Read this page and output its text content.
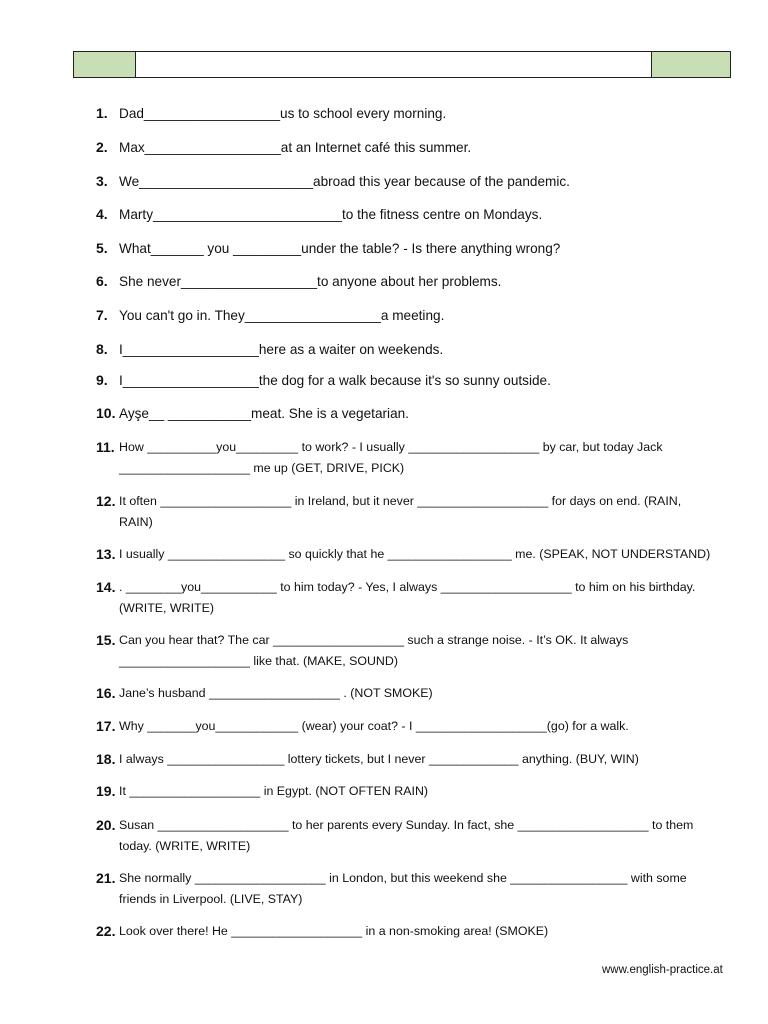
1. Dad__________________us to school every morning.
2. Max__________________at an Internet café this summer.
3. We_______________________abroad this year because of the pandemic.
4. Marty_________________________to the fitness centre on Mondays.
5. What_______ you _________under the table? - Is there anything wrong?
6. She never__________________to anyone about her problems.
7. You can't go in. They__________________a meeting.
8. I__________________here as a waiter on weekends.
9. I__________________the dog for a walk because it's so sunny outside.
10. Ayşe__ ___________meat. She is a vegetarian.
11. How __________you_________ to work? - I usually ___________________ by car, but today Jack
___________________ me up (GET, DRIVE, PICK)
12. It often ___________________ in Ireland, but it never ___________________ for days on end. (RAIN,
RAIN)
13. I usually _________________ so quickly that he __________________ me. (SPEAK, NOT UNDERSTAND)
14. . ________you___________ to him today? - Yes, I always ___________________ to him on his birthday.
(WRITE, WRITE)
15. Can you hear that? The car ___________________ such a strange noise. - It’s OK. It always
___________________ like that. (MAKE, SOUND)
16. Jane’s husband ___________________ . (NOT SMOKE)
17. Why _______you____________ (wear) your coat? - I ___________________(go) for a walk.
18. I always _________________ lottery tickets, but I never _____________ anything. (BUY, WIN)
19. It ___________________ in Egypt. (NOT OFTEN RAIN)
20. Susan ___________________ to her parents every Sunday. In fact, she ___________________ to them
today. (WRITE, WRITE)
21. She normally ___________________ in London, but this weekend she _________________ with some
friends in Liverpool. (LIVE, STAY)
22. Look over there! He ___________________ in a non-smoking area! (SMOKE)
www.english-practice.at
